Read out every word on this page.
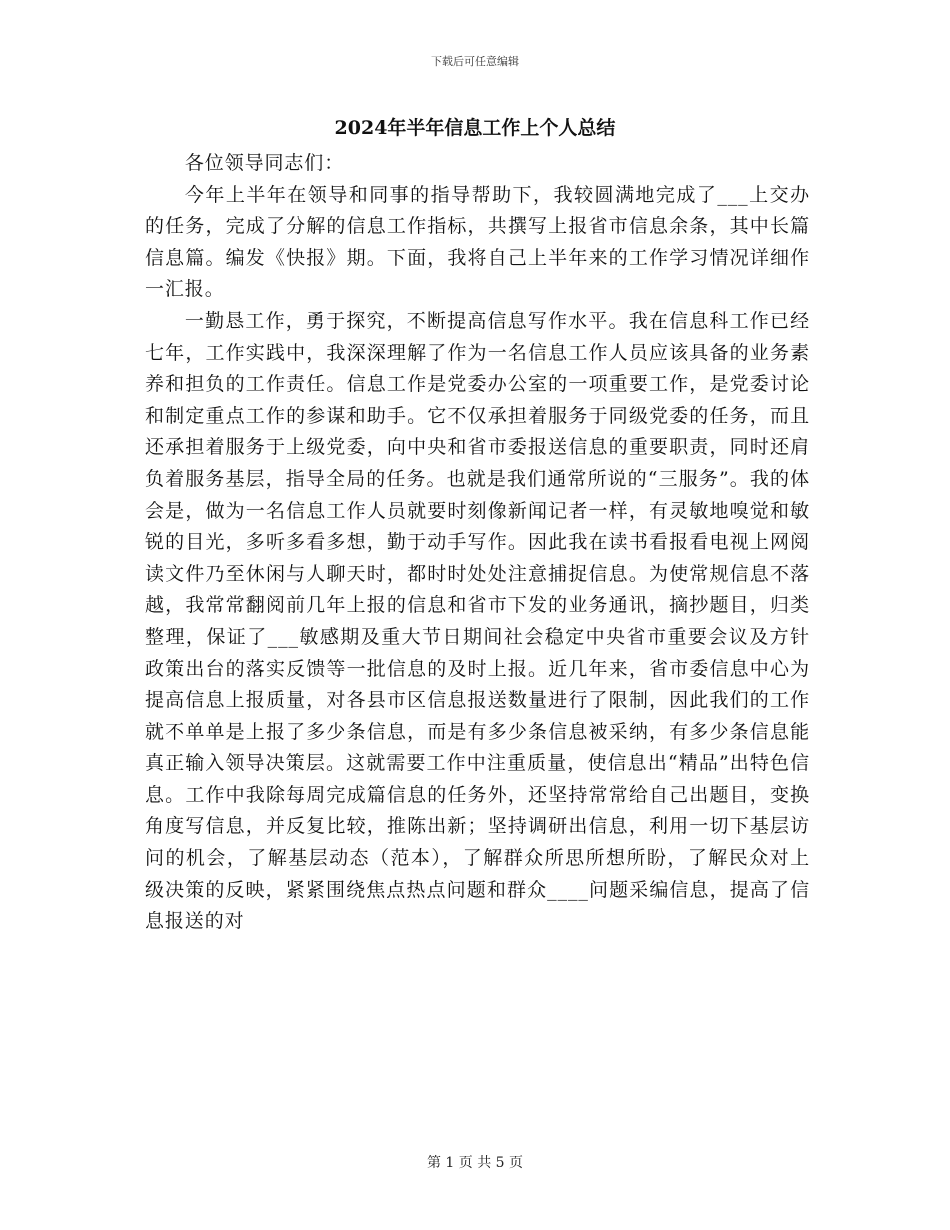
下载后可任意编辑
2024年半年信息工作上个人总结

各位领导同志们：

今年上半年在领导和同事的指导帮助下，我较圆满地完成了___上交办的任务，完成了分解的信息工作指标，共撰写上报省市信息余条，其中长篇信息篇。编发《快报》期。下面，我将自己上半年来的工作学习情况详细作一汇报。

一勤恳工作，勇于探究，不断提高信息写作水平。我在信息科工作已经七年，工作实践中，我深深理解了作为一名信息工作人员应该具备的业务素养和担负的工作责任。信息工作是党委办公室的一项重要工作，是党委讨论和制定重点工作的参谋和助手。它不仅承担着服务于同级党委的任务，而且还承担着服务于上级党委，向中央和省市委报送信息的重要职责，同时还肩负着服务基层，指导全局的任务。也就是我们通常所说的“三服务”。我的体会是，做为一名信息工作人员就要时刻像新闻记者一样，有灵敏地嗅觉和敏锐的目光，多听多看多想，勤于动手写作。因此我在读书看报看电视上网阅读文件乃至休闲与人聊天时，都时时处处注意捕捉信息。为使常规信息不落越，我常常翻阅前几年上报的信息和省市下发的业务通讯，摘抄题目，归类整理，保证了___敏感期及重大节日期间社会稳定中央省市重要会议及方针政策出台的落实反馈等一批信息的及时上报。近几年来，省市委信息中心为提高信息上报质量，对各县市区信息报送数量进行了限制，因此我们的工作就不单单是上报了多少条信息，而是有多少条信息被采纳，有多少条信息能真正输入领导决策层。这就需要工作中注重质量，使信息出“精品”出特色信息。工作中我除每周完成篇信息的任务外，还坚持常常给自己出题目，变换角度写信息，并反复比较，推陈出新；坚持调研出信息，利用一切下基层访问的机会，了解基层动态（范本），了解群众所思所想所盼，了解民众对上级决策的反映，紧紧围绕焦点热点问题和群众____问题采编信息，提高了信息报送的对

第 1 页 共 5 页
